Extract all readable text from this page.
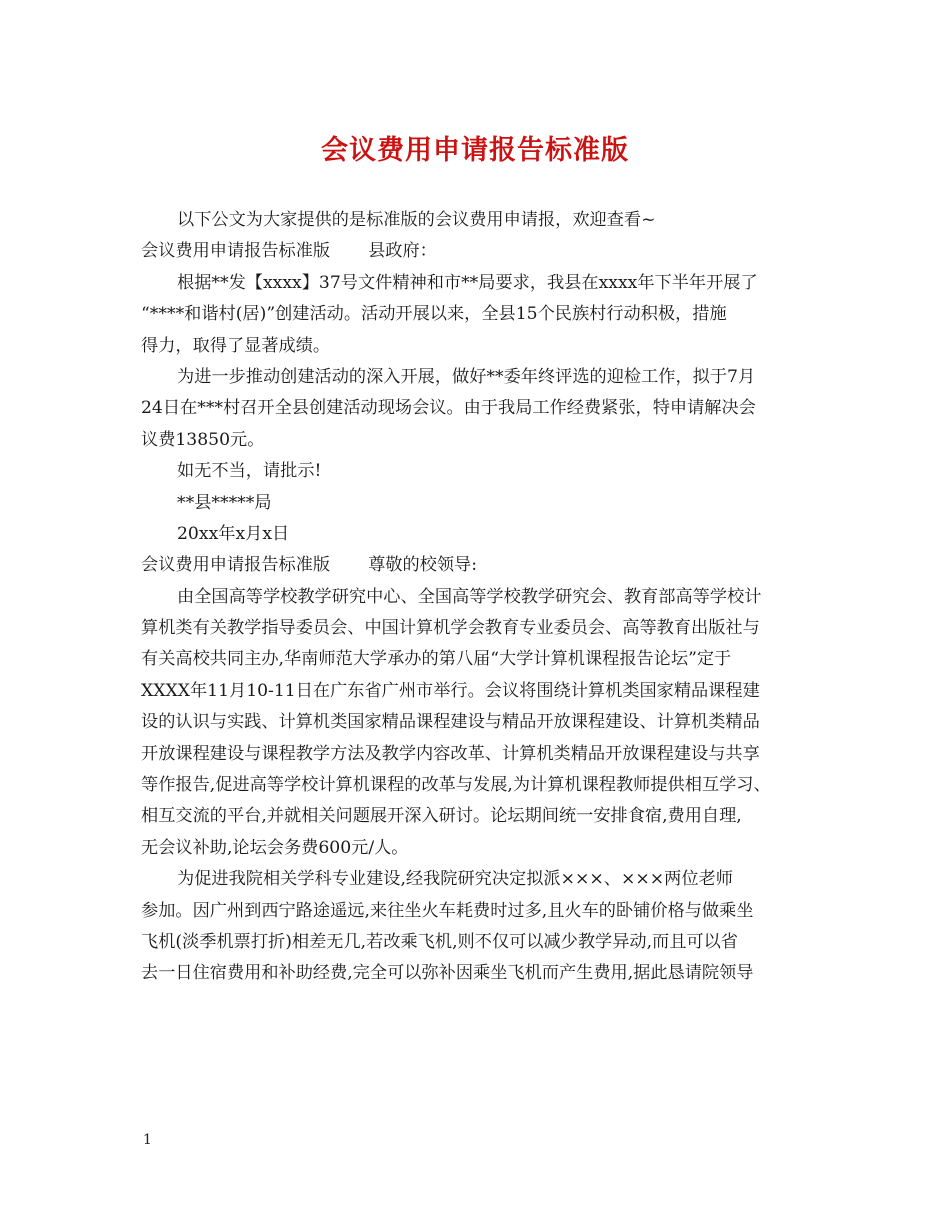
会议费用申请报告标准版
以下公文为大家提供的是标准版的会议费用申请报，欢迎查看~
会议费用申请报告标准版 县政府：
根据**发【xxxx】37号文件精神和市**局要求，我县在xxxx年下半年开展了
“****和谐村(居)”创建活动。活动开展以来，全县15个民族村行动积极，措施
得力，取得了显著成绩。
为进一步推动创建活动的深入开展，做好**委年终评选的迎检工作，拟于7月
24日在***村召开全县创建活动现场会议。由于我局工作经费紧张，特申请解决会
议费13850元。
如无不当，请批示!
**县*****局
20xx年x月x日
会议费用申请报告标准版 尊敬的校领导:
由全国高等学校教学研究中心、全国高等学校教学研究会、教育部高等学校计
算机类有关教学指导委员会、中国计算机学会教育专业委员会、高等教育出版社与
有关高校共同主办,华南师范大学承办的第八届“大学计算机课程报告论坛”定于
XXXX年11月10-11日在广东省广州市举行。会议将围绕计算机类国家精品课程建
设的认识与实践、计算机类国家精品课程建设与精品开放课程建设、计算机类精品
开放课程建设与课程教学方法及教学内容改革、计算机类精品开放课程建设与共享
等作报告,促进高等学校计算机课程的改革与发展,为计算机课程教师提供相互学习、
相互交流的平台,并就相关问题展开深入研讨。论坛期间统一安排食宿,费用自理,
无会议补助,论坛会务费600元/人。
为促进我院相关学科专业建设,经我院研究决定拟派×××、×××两位老师
参加。因广州到西宁路途遥远,来往坐火车耗费时过多,且火车的卧铺价格与做乘坐
飞机(淡季机票打折)相差无几,若改乘飞机,则不仅可以减少教学异动,而且可以省
去一日住宿费用和补助经费,完全可以弥补因乘坐飞机而产生费用,据此恳请院领导
1
